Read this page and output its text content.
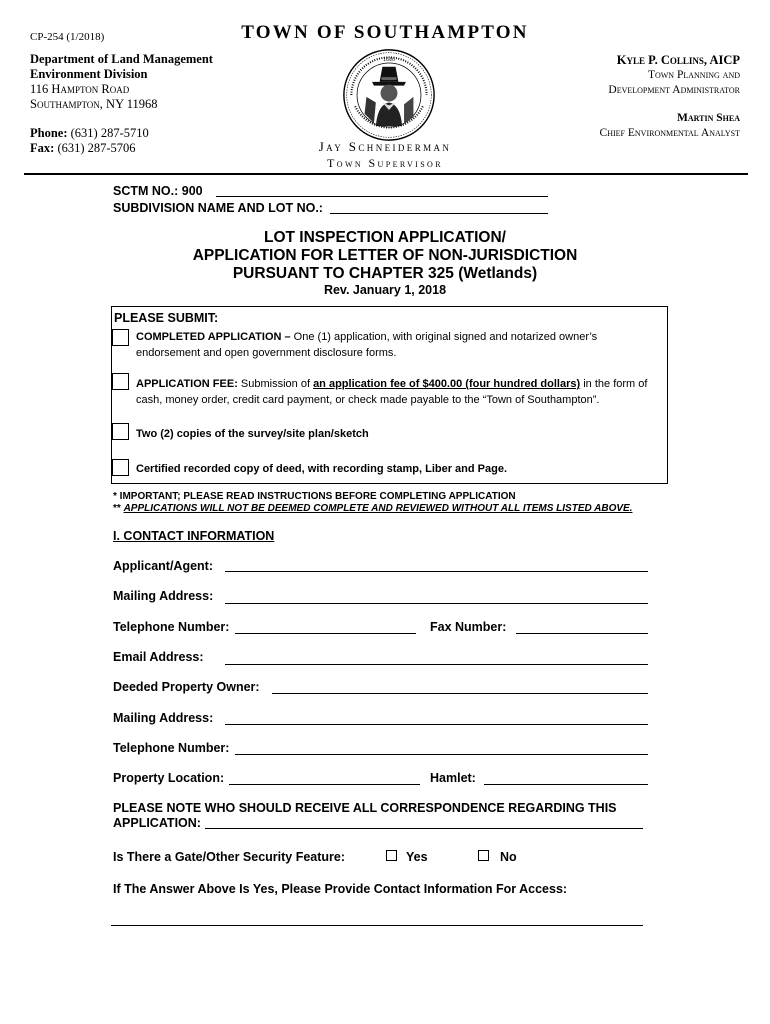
CP-254 (1/2018)	TOWN OF SOUTHAMPTON
Department of Land Management
Environment Division
116 Hampton Road
Southampton, NY 11968
Phone: (631) 287-5710
Fax: (631) 287-5706
Kyle P. Collins, AICP
Town Planning and
Development Administrator
Martin Shea
Chief Environmental Analyst
1640
Jay Schneiderman
Town Supervisor
SCTM NO.: 900
SUBDIVISION NAME AND LOT NO.:
LOT INSPECTION APPLICATION/
APPLICATION FOR LETTER OF NON-JURISDICTION
PURSUANT TO CHAPTER 325 (Wetlands)
Rev. January 1, 2018
PLEASE SUBMIT:
COMPLETED APPLICATION – One (1) application, with original signed and notarized owner’s endorsement and open government disclosure forms.
APPLICATION FEE: Submission of an application fee of $400.00 (four hundred dollars) in the form of cash, money order, credit card payment, or check made payable to the “Town of Southampton”.
Two (2) copies of the survey/site plan/sketch
Certified recorded copy of deed, with recording stamp, Liber and Page.
* IMPORTANT; PLEASE READ INSTRUCTIONS BEFORE COMPLETING APPLICATION
** APPLICATIONS WILL NOT BE DEEMED COMPLETE AND REVIEWED WITHOUT ALL ITEMS LISTED ABOVE.
I. CONTACT INFORMATION
Applicant/Agent:
Mailing Address:
Telephone Number:	Fax Number:
Email Address:
Deeded Property Owner:
Mailing Address:
Telephone Number:
Property Location:	Hamlet:
PLEASE NOTE WHO SHOULD RECEIVE ALL CORRESPONDENCE REGARDING THIS
APPLICATION:
Is There a Gate/Other Security Feature:	Yes	No
If The Answer Above Is Yes, Please Provide Contact Information For Access:
